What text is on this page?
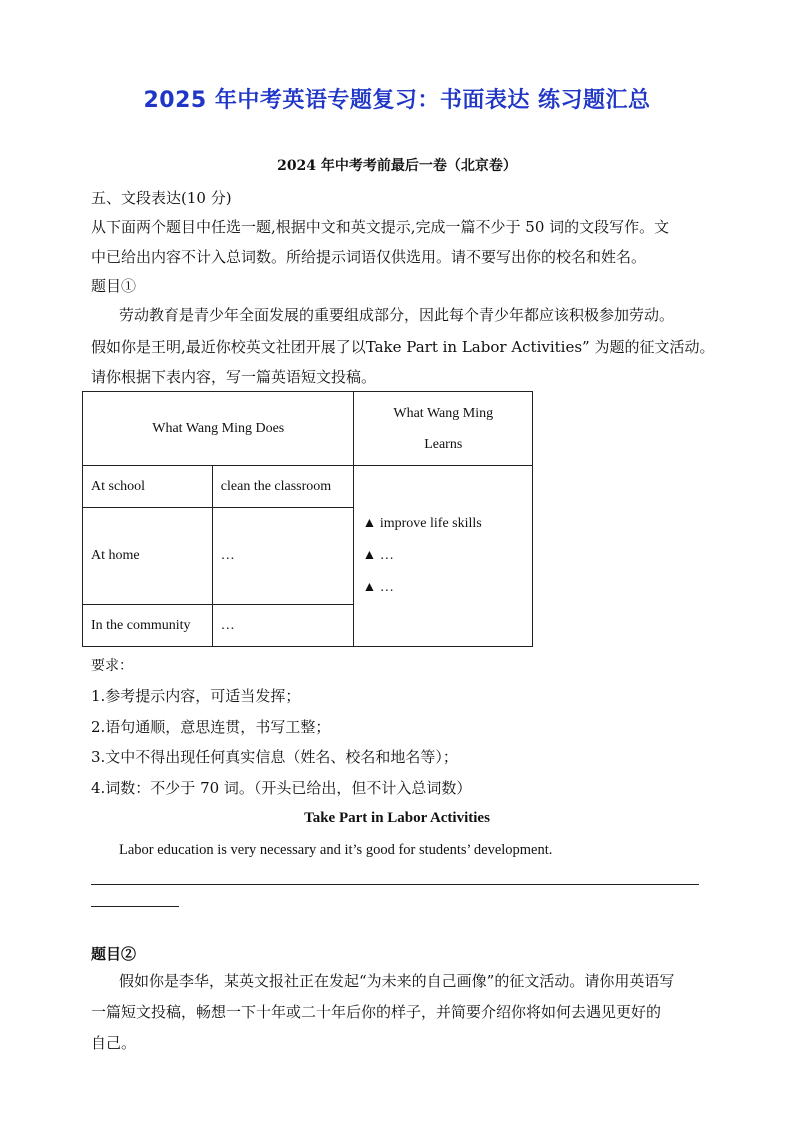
2025 年中考英语专题复习：书面表达 练习题汇总
2024 年中考考前最后一卷（北京卷）
五、文段表达(10 分)
从下面两个题目中任选一题,根据中文和英文提示,完成一篇不少于 50 词的文段写作。文
中已给出内容不计入总词数。所给提示词语仅供选用。请不要写出你的校名和姓名。
题目①
劳动教育是青少年全面发展的重要组成部分，因此每个青少年都应该积极参加劳动。
假如你是王明,最近你校英文社团开展了以Take Part in Labor Activities” 为题的征文活动。
请你根据下表内容，写一篇英语短文投稿。
What Wang Ming Does		What Wang Ming
Learns
At school	clean the classroom	▲ improve life skills
▲ …
▲ …

At home	…	
In the community	…	
要求：
1.参考提示内容，可适当发挥；
2.语句通顺，意思连贯，书写工整；
3.文中不得出现任何真实信息（姓名、校名和地名等）；
4.词数：不少于 70 词。（开头已给出，但不计入总词数）
Take Part in Labor Activities
Labor education is very necessary and it’s good for students’ development.
题目②
假如你是李华，某英文报社正在发起“为未来的自己画像”的征文活动。请你用英语写
一篇短文投稿，畅想一下十年或二十年后你的样子，并简要介绍你将如何去遇见更好的
自己。
